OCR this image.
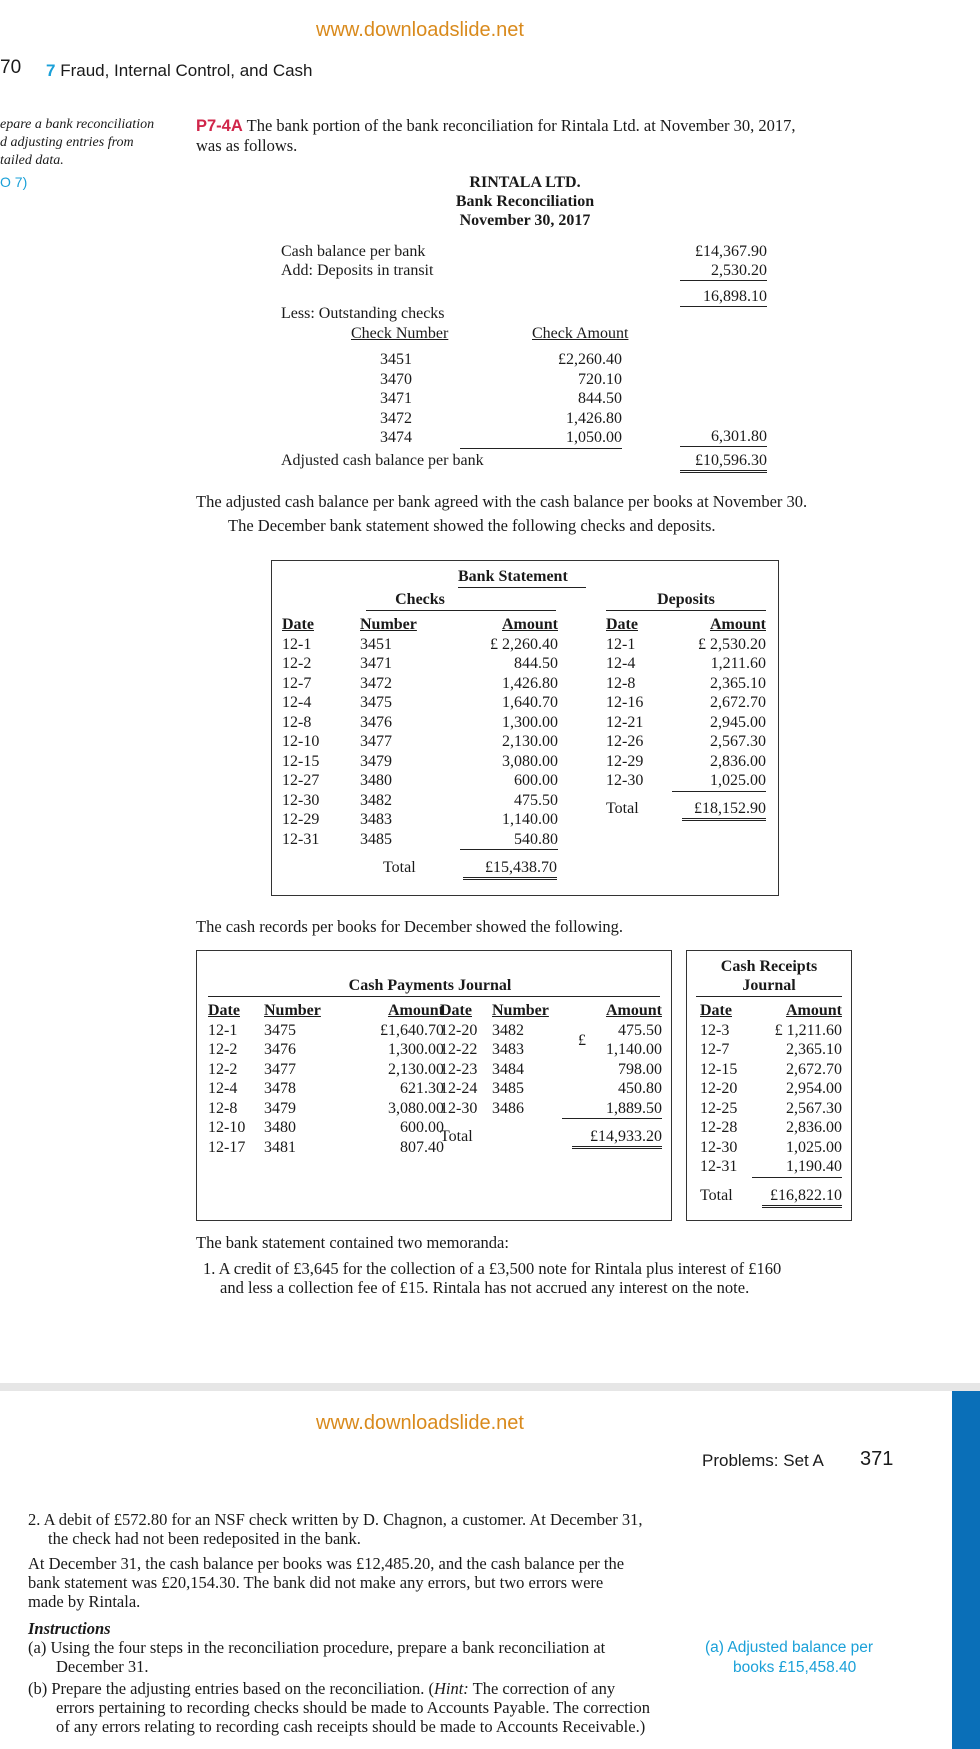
www.downloadslide.net
70 7 Fraud, Internal Control, and Cash
epare a bank reconciliation
d adjusting entries from
tailed data.
O 7)
P7-4A The bank portion of the bank reconciliation for Rintala Ltd. at November 30, 2017,
was as follows.
RINTALA LTD.
Bank Reconciliation
November 30, 2017
Cash balance per bank	£14,367.90
Add: Deposits in transit	2,530.20
16,898.10
Less: Outstanding checks
Check Number	Check Amount
3451	£2,260.40
3470	720.10
3471	844.50
3472	1,426.80
3474	1,050.00	6,301.80
Adjusted cash balance per bank	£10,596.30
The adjusted cash balance per bank agreed with the cash balance per books at November 30.
The December bank statement showed the following checks and deposits.
Bank Statement
Checks	Deposits
Date	Number	Amount
12-1	3451	£ 2,260.40
12-2	3471	844.50
12-7	3472	1,426.80
12-4	3475	1,640.70
12-8	3476	1,300.00
12-10	3477	2,130.00
12-15	3479	3,080.00
12-27	3480	600.00
12-30	3482	475.50
12-29	3483	1,140.00
12-31	3485	540.80
Total	£15,438.70
Date	Amount
12-1	£ 2,530.20
12-4	1,211.60
12-8	2,365.10
12-16	2,672.70
12-21	2,945.00
12-26	2,567.30
12-29	2,836.00
12-30	1,025.00
Total	£18,152.90
The cash records per books for December showed the following.
Cash Payments Journal
Date	Number	Amount
12-1	3475	£1,640.70
12-2	3476	1,300.00
12-2	3477	2,130.00
12-4	3478	621.30
12-8	3479	3,080.00
12-10	3480	600.00
12-17	3481	807.40
Date	Number	Amount
12-20	3482	475.50
12-22	3483	1,140.00
12-23	3484	798.00
12-24	3485	450.80
12-30	3486	1,889.50
£
Total	£14,933.20
Cash Receipts
Journal
Date	Amount
12-3	£ 1,211.60
12-7	2,365.10
12-15	2,672.70
12-20	2,954.00
12-25	2,567.30
12-28	2,836.00
12-30	1,025.00
12-31	1,190.40
Total	£16,822.10
The bank statement contained two memoranda:
1. A credit of £3,645 for the collection of a £3,500 note for Rintala plus interest of £160
and less a collection fee of £15. Rintala has not accrued any interest on the note.
www.downloadslide.net
Problems: Set A 371
2. A debit of £572.80 for an NSF check written by D. Chagnon, a customer. At December 31,
the check had not been redeposited in the bank.
At December 31, the cash balance per books was £12,485.20, and the cash balance per the
bank statement was £20,154.30. The bank did not make any errors, but two errors were
made by Rintala.
Instructions
(a) Using the four steps in the reconciliation procedure, prepare a bank reconciliation at
December 31.
(b) Prepare the adjusting entries based on the reconciliation. (Hint: The correction of any
errors pertaining to recording checks should be made to Accounts Payable. The correction
of any errors relating to recording cash receipts should be made to Accounts Receivable.)
(a) Adjusted balance per
books £15,458.40
